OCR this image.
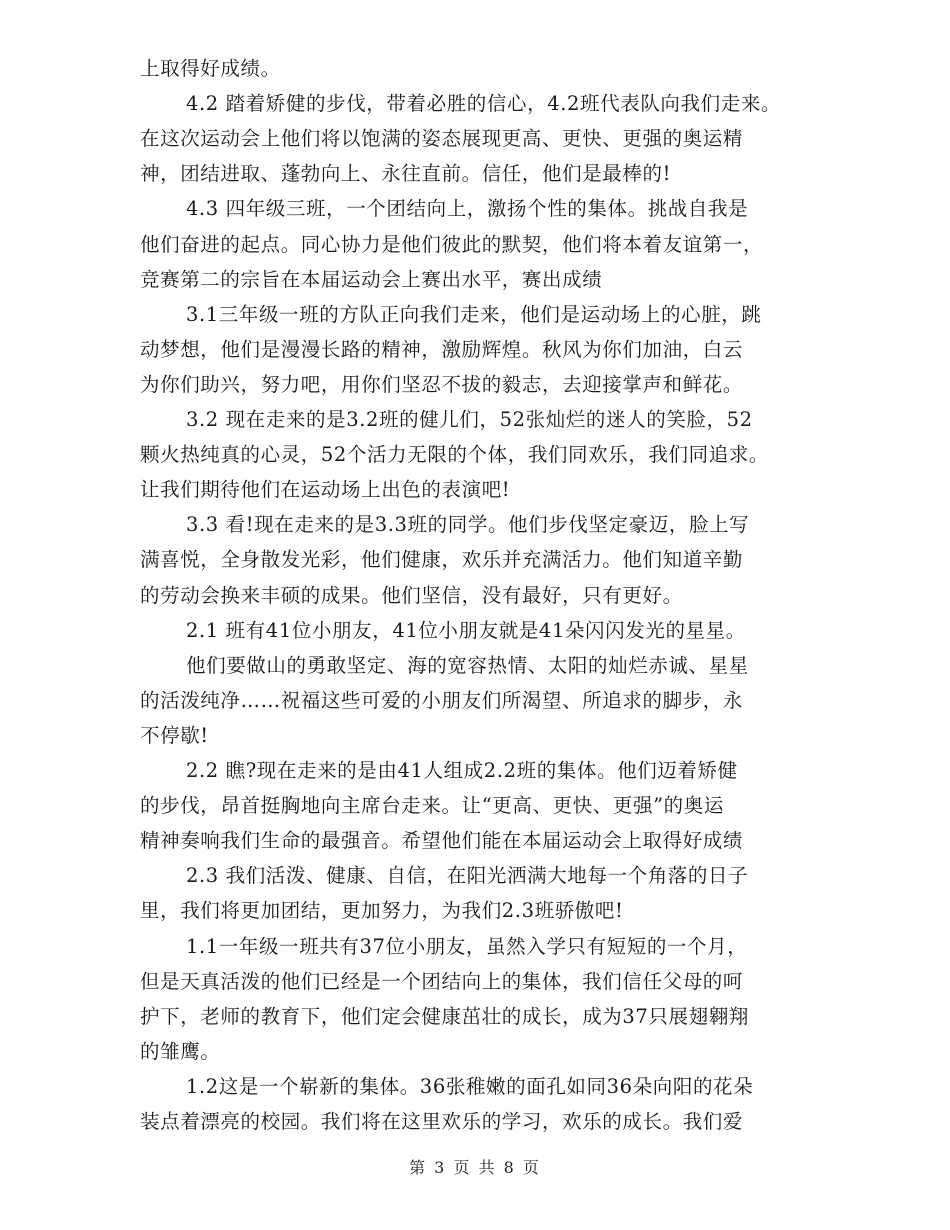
上取得好成绩。
4.2 踏着矫健的步伐，带着必胜的信心，4.2班代表队向我们走来。
在这次运动会上他们将以饱满的姿态展现更高、更快、更强的奥运精
神，团结进取、蓬勃向上、永往直前。信任，他们是最棒的!
4.3 四年级三班，一个团结向上，激扬个性的集体。挑战自我是
他们奋进的起点。同心协力是他们彼此的默契，他们将本着友谊第一，
竞赛第二的宗旨在本届运动会上赛出水平，赛出成绩
3.1三年级一班的方队正向我们走来，他们是运动场上的心脏，跳
动梦想，他们是漫漫长路的精神，激励辉煌。秋风为你们加油，白云
为你们助兴，努力吧，用你们坚忍不拔的毅志，去迎接掌声和鲜花。
3.2 现在走来的是3.2班的健儿们，52张灿烂的迷人的笑脸，52
颗火热纯真的心灵，52个活力无限的个体，我们同欢乐，我们同追求。
让我们期待他们在运动场上出色的表演吧!
3.3 看!现在走来的是3.3班的同学。他们步伐坚定豪迈，脸上写
满喜悦，全身散发光彩，他们健康，欢乐并充满活力。他们知道辛勤
的劳动会换来丰硕的成果。他们坚信，没有最好，只有更好。
2.1 班有41位小朋友，41位小朋友就是41朵闪闪发光的星星。
他们要做山的勇敢坚定、海的宽容热情、太阳的灿烂赤诚、星星
的活泼纯净……祝福这些可爱的小朋友们所渴望、所追求的脚步，永
不停歇!
2.2 瞧?现在走来的是由41人组成2.2班的集体。他们迈着矫健
的步伐，昂首挺胸地向主席台走来。让“更高、更快、更强”的奥运
精神奏响我们生命的最强音。希望他们能在本届运动会上取得好成绩
2.3 我们活泼、健康、自信，在阳光洒满大地每一个角落的日子
里，我们将更加团结，更加努力，为我们2.3班骄傲吧!
1.1一年级一班共有37位小朋友，虽然入学只有短短的一个月，
但是天真活泼的他们已经是一个团结向上的集体，我们信任父母的呵
护下，老师的教育下，他们定会健康茁壮的成长，成为37只展翅翱翔
的雏鹰。
1.2这是一个崭新的集体。36张稚嫩的面孔如同36朵向阳的花朵
装点着漂亮的校园。我们将在这里欢乐的学习，欢乐的成长。我们爱
第 3 页 共 8 页
